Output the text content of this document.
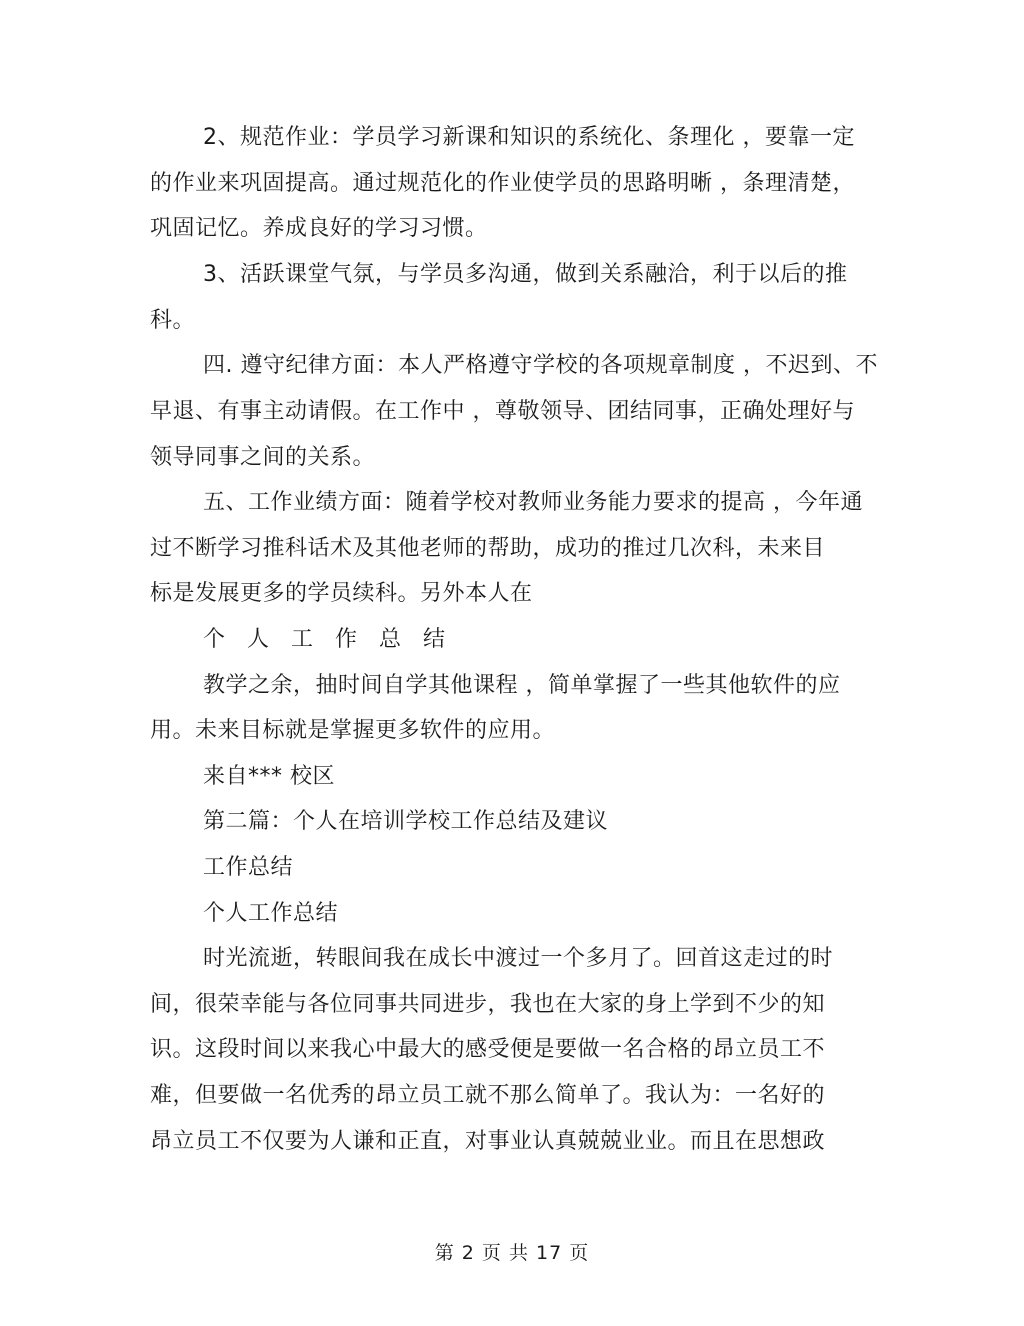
2、规范作业：学员学习新课和知识的系统化、条理化 ，要靠一定
的作业来巩固提高。通过规范化的作业使学员的思路明晰 ，条理清楚，
巩固记忆。养成良好的学习习惯。
3、活跃课堂气氛，与学员多沟通，做到关系融洽，利于以后的推
科。
四. 遵守纪律方面：本人严格遵守学校的各项规章制度 ，不迟到、不
早退、有事主动请假。在工作中 ，尊敬领导、团结同事，正确处理好与
领导同事之间的关系。
五、工作业绩方面：随着学校对教师业务能力要求的提高 ，今年通
过不断学习推科话术及其他老师的帮助，成功的推过几次科，未来目
标是发展更多的学员续科。另外本人在
个人工作总结
教学之余，抽时间自学其他课程 ，简单掌握了一些其他软件的应
用。未来目标就是掌握更多软件的应用。
来自*** 校区
第二篇：个人在培训学校工作总结及建议
工作总结
个人工作总结
时光流逝，转眼间我在成长中渡过一个多月了。回首这走过的时
间，很荣幸能与各位同事共同进步，我也在大家的身上学到不少的知
识。这段时间以来我心中最大的感受便是要做一名合格的昂立员工不
难，但要做一名优秀的昂立员工就不那么简单了。我认为：一名好的
昂立员工不仅要为人谦和正直，对事业认真兢兢业业。而且在思想政
第 2 页 共 17 页
